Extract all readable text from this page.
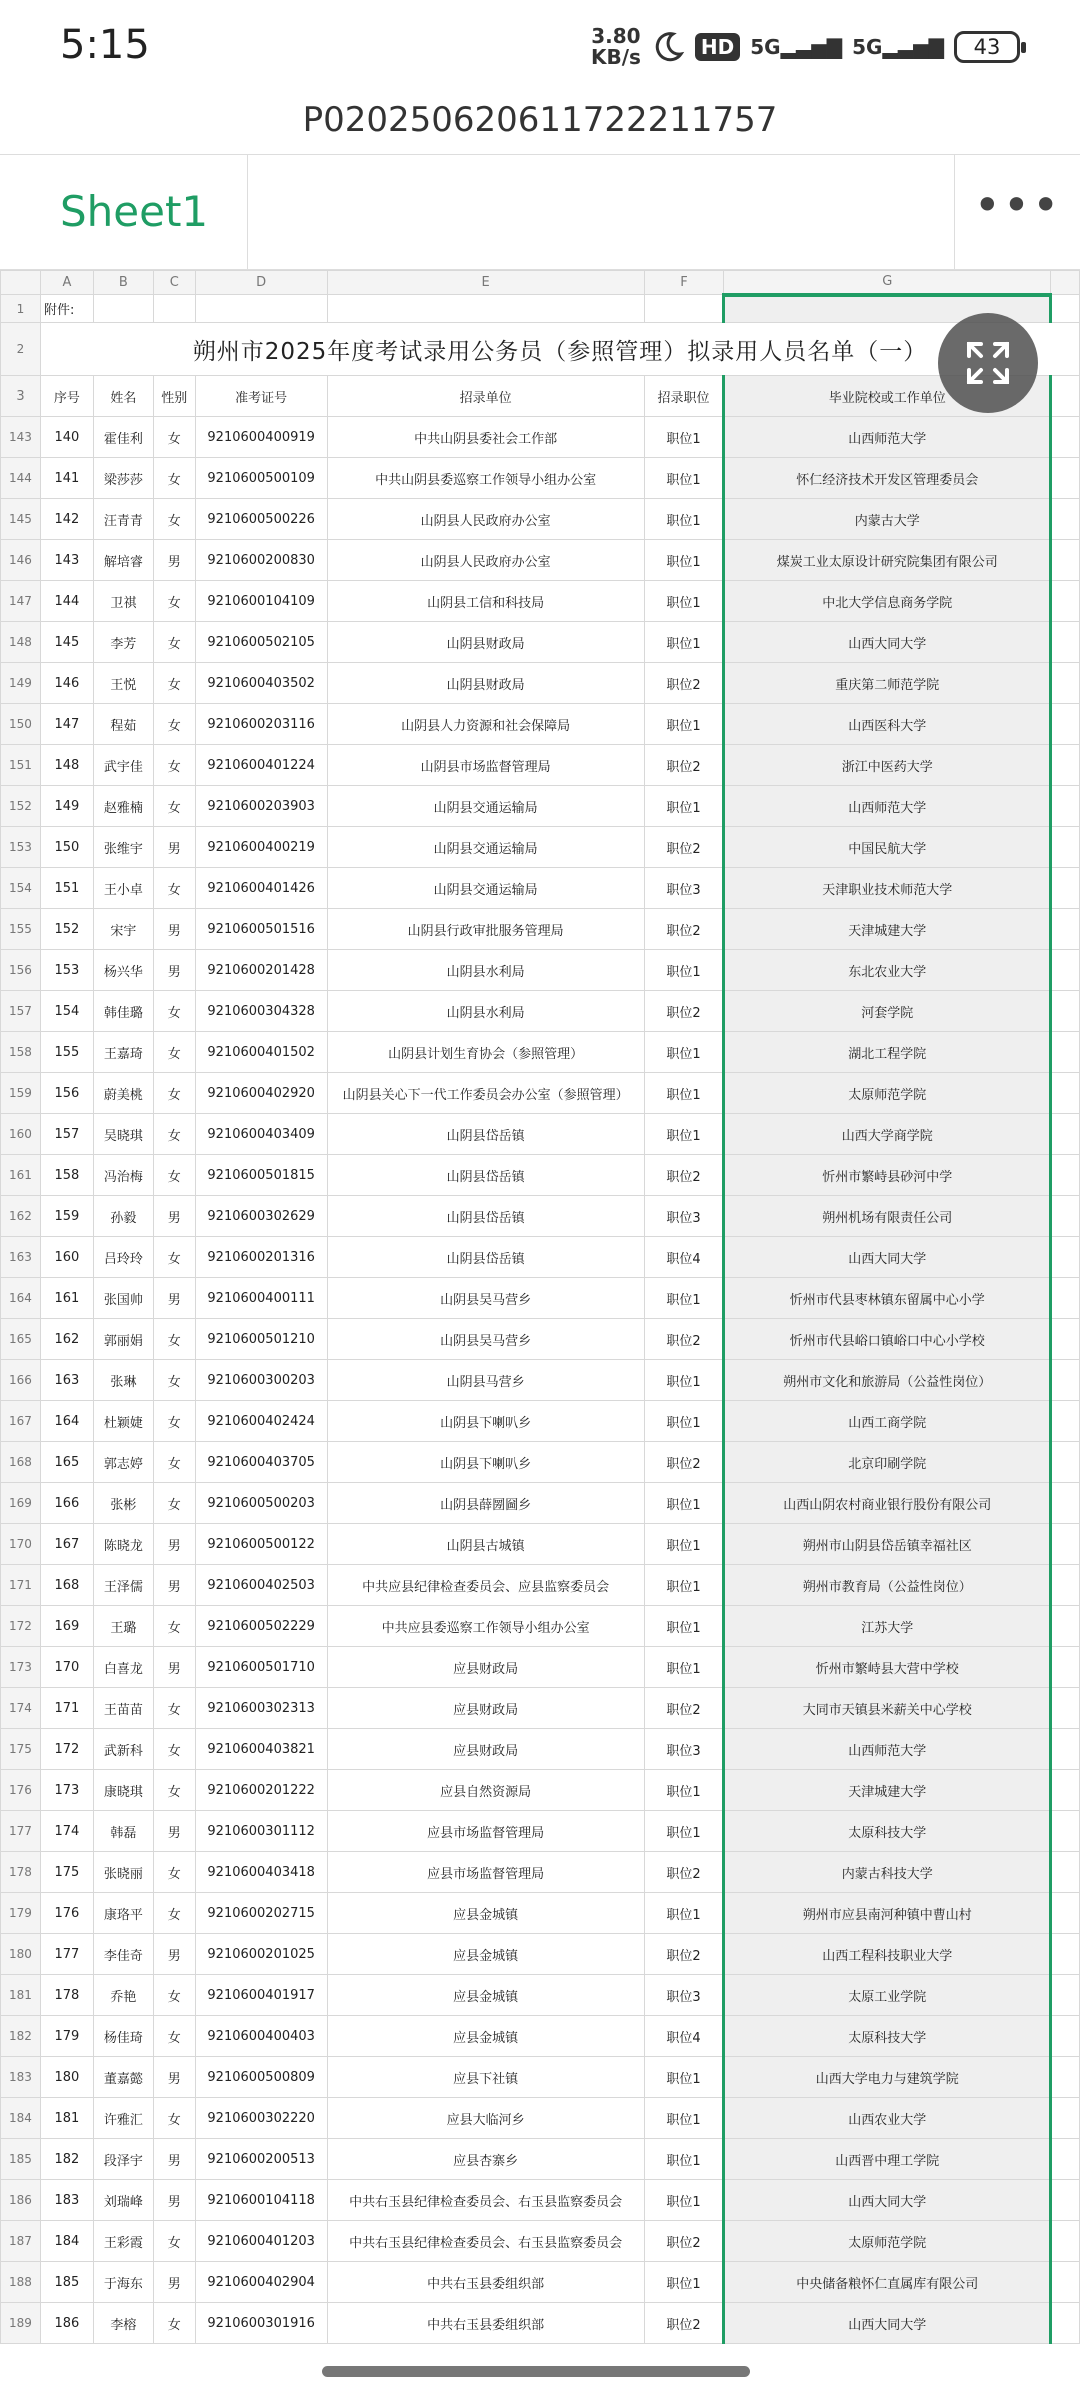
5:15	3.80
KB/s	HD 5G▂▃▅▇ 5G▂▃▅▇	43
P020250620611722211757
Sheet1	•••
	A	B	C	D	E	F	G	
1	附件:							
2	朔州市2025年度考试录用公务员（参照管理）拟录用人员名单（一）							
3	序号	姓名	性别	准考证号	招录单位	招录职位	毕业院校或工作单位	
143	140	霍佳利	女	9210600400919	中共山阴县委社会工作部	职位1	山西师范大学	
144	141	梁莎莎	女	9210600500109	中共山阴县委巡察工作领导小组办公室	职位1	怀仁经济技术开发区管理委员会	
145	142	汪青青	女	9210600500226	山阴县人民政府办公室	职位1	内蒙古大学	
146	143	解培睿	男	9210600200830	山阴县人民政府办公室	职位1	煤炭工业太原设计研究院集团有限公司	
147	144	卫祺	女	9210600104109	山阴县工信和科技局	职位1	中北大学信息商务学院	
148	145	李芳	女	9210600502105	山阴县财政局	职位1	山西大同大学	
149	146	王悦	女	9210600403502	山阴县财政局	职位2	重庆第二师范学院	
150	147	程茹	女	9210600203116	山阴县人力资源和社会保障局	职位1	山西医科大学	
151	148	武宇佳	女	9210600401224	山阴县市场监督管理局	职位2	浙江中医药大学	
152	149	赵雅楠	女	9210600203903	山阴县交通运输局	职位1	山西师范大学	
153	150	张维宇	男	9210600400219	山阴县交通运输局	职位2	中国民航大学	
154	151	王小卓	女	9210600401426	山阴县交通运输局	职位3	天津职业技术师范大学	
155	152	宋宇	男	9210600501516	山阴县行政审批服务管理局	职位2	天津城建大学	
156	153	杨兴华	男	9210600201428	山阴县水利局	职位1	东北农业大学	
157	154	韩佳璐	女	9210600304328	山阴县水利局	职位2	河套学院	
158	155	王嘉琦	女	9210600401502	山阴县计划生育协会（参照管理）	职位1	湖北工程学院	
159	156	蔚美桃	女	9210600402920	山阴县关心下一代工作委员会办公室（参照管理）	职位1	太原师范学院	
160	157	吴晓琪	女	9210600403409	山阴县岱岳镇	职位1	山西大学商学院	
161	158	冯治梅	女	9210600501815	山阴县岱岳镇	职位2	忻州市繁峙县砂河中学	
162	159	孙毅	男	9210600302629	山阴县岱岳镇	职位3	朔州机场有限责任公司	
163	160	吕玲玲	女	9210600201316	山阴县岱岳镇	职位4	山西大同大学	
164	161	张国帅	男	9210600400111	山阴县吴马营乡	职位1	忻州市代县枣林镇东留属中心小学	
165	162	郭丽娟	女	9210600501210	山阴县吴马营乡	职位2	忻州市代县峪口镇峪口中心小学校	
166	163	张琳	女	9210600300203	山阴县马营乡	职位1	朔州市文化和旅游局（公益性岗位）	
167	164	杜颖婕	女	9210600402424	山阴县下喇叭乡	职位1	山西工商学院	
168	165	郭志婷	女	9210600403705	山阴县下喇叭乡	职位2	北京印刷学院	
169	166	张彬	女	9210600500203	山阴县薛圐圙乡	职位1	山西山阴农村商业银行股份有限公司	
170	167	陈晓龙	男	9210600500122	山阴县古城镇	职位1	朔州市山阴县岱岳镇幸福社区	
171	168	王泽儒	男	9210600402503	中共应县纪律检查委员会、应县监察委员会	职位1	朔州市教育局（公益性岗位）	
172	169	王璐	女	9210600502229	中共应县委巡察工作领导小组办公室	职位1	江苏大学	
173	170	白喜龙	男	9210600501710	应县财政局	职位1	忻州市繁峙县大营中学校	
174	171	王苗苗	女	9210600302313	应县财政局	职位2	大同市天镇县米薪关中心学校	
175	172	武新科	女	9210600403821	应县财政局	职位3	山西师范大学	
176	173	康晓琪	女	9210600201222	应县自然资源局	职位1	天津城建大学	
177	174	韩磊	男	9210600301112	应县市场监督管理局	职位1	太原科技大学	
178	175	张晓丽	女	9210600403418	应县市场监督管理局	职位2	内蒙古科技大学	
179	176	康珞平	女	9210600202715	应县金城镇	职位1	朔州市应县南河种镇中曹山村	
180	177	李佳奇	男	9210600201025	应县金城镇	职位2	山西工程科技职业大学	
181	178	乔艳	女	9210600401917	应县金城镇	职位3	太原工业学院	
182	179	杨佳琦	女	9210600400403	应县金城镇	职位4	太原科技大学	
183	180	董嘉懿	男	9210600500809	应县下社镇	职位1	山西大学电力与建筑学院	
184	181	许雅汇	女	9210600302220	应县大临河乡	职位1	山西农业大学	
185	182	段泽宇	男	9210600200513	应县杏寨乡	职位1	山西晋中理工学院	
186	183	刘瑞峰	男	9210600104118	中共右玉县纪律检查委员会、右玉县监察委员会	职位1	山西大同大学	
187	184	王彩霞	女	9210600401203	中共右玉县纪律检查委员会、右玉县监察委员会	职位2	太原师范学院	
188	185	于海东	男	9210600402904	中共右玉县委组织部	职位1	中央储备粮怀仁直属库有限公司	
189	186	李榕	女	9210600301916	中共右玉县委组织部	职位2	山西大同大学	
